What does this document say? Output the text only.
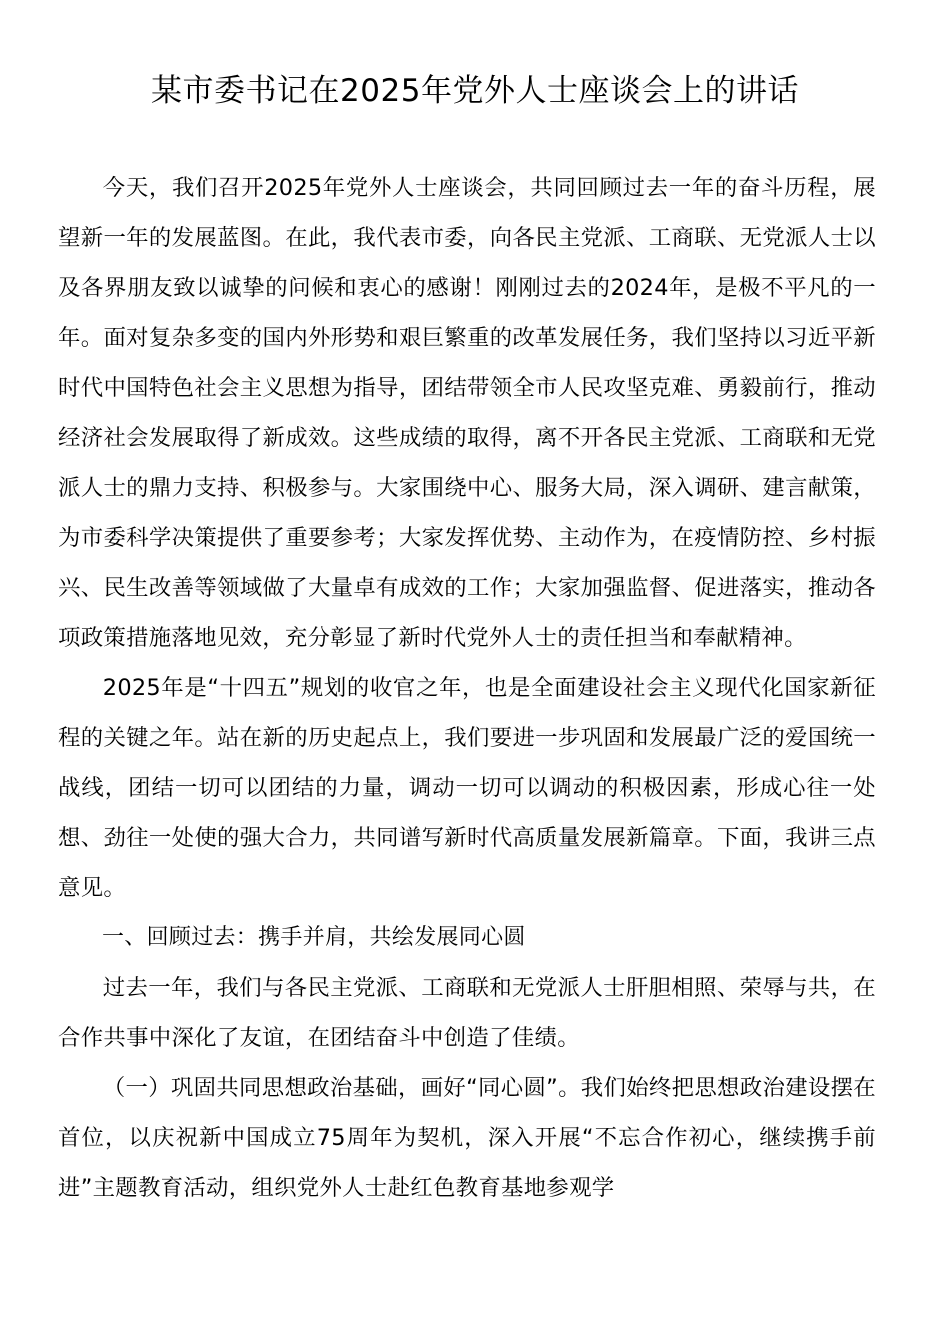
某市委书记在2025年党外人士座谈会上的讲话

今天，我们召开2025年党外人士座谈会，共同回顾过去一年的奋斗历程，展望新一年的发展蓝图。在此，我代表市委，向各民主党派、工商联、无党派人士以及各界朋友致以诚挚的问候和衷心的感谢！刚刚过去的2024年，是极不平凡的一年。面对复杂多变的国内外形势和艰巨繁重的改革发展任务，我们坚持以习近平新时代中国特色社会主义思想为指导，团结带领全市人民攻坚克难、勇毅前行，推动经济社会发展取得了新成效。这些成绩的取得，离不开各民主党派、工商联和无党派人士的鼎力支持、积极参与。大家围绕中心、服务大局，深入调研、建言献策，为市委科学决策提供了重要参考；大家发挥优势、主动作为，在疫情防控、乡村振兴、民生改善等领域做了大量卓有成效的工作；大家加强监督、促进落实，推动各项政策措施落地见效，充分彰显了新时代党外人士的责任担当和奉献精神。

2025年是“十四五”规划的收官之年，也是全面建设社会主义现代化国家新征程的关键之年。站在新的历史起点上，我们要进一步巩固和发展最广泛的爱国统一战线，团结一切可以团结的力量，调动一切可以调动的积极因素，形成心往一处想、劲往一处使的强大合力，共同谱写新时代高质量发展新篇章。下面，我讲三点意见。

一、回顾过去：携手并肩，共绘发展同心圆

过去一年，我们与各民主党派、工商联和无党派人士肝胆相照、荣辱与共，在合作共事中深化了友谊，在团结奋斗中创造了佳绩。

（一）巩固共同思想政治基础，画好“同心圆”。我们始终把思想政治建设摆在首位，以庆祝新中国成立75周年为契机，深入开展“不忘合作初心，继续携手前进”主题教育活动，组织党外人士赴红色教育基地参观学
